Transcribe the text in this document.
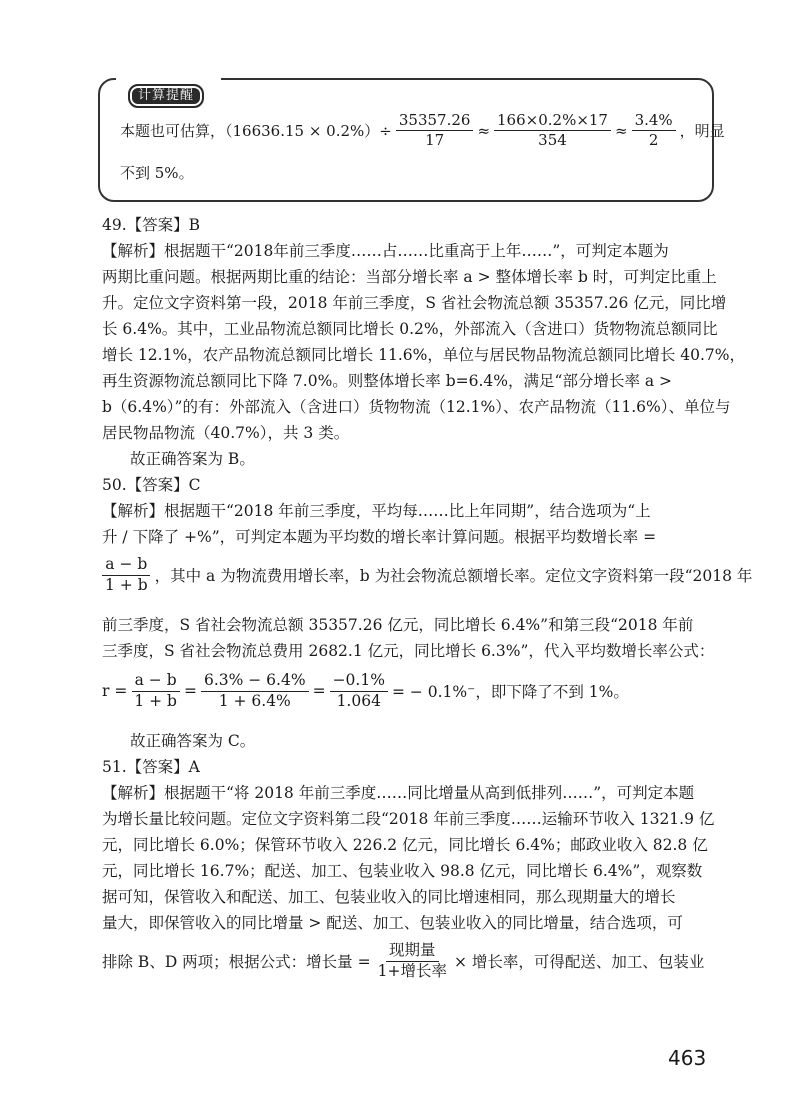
计算提醒
本题也可估算，$(16636.15 \times 0.2\%)\div \frac{35357.26}{17} \approx \frac{166\times 0.2\%\times 17}{354} \approx \frac{3.4\%}{2}$ ，明显
不到 5%。
49.【答案】B
【解析】根据题干“2018年前三季度……占……比重高于上年……”，可判定本题为
两期比重问题。根据两期比重的结论：当部分增长率 a > 整体增长率 b 时，可判定比重上
升。定位文字资料第一段，2018 年前三季度，S 省社会物流总额 35357.26 亿元，同比增
长 6.4%。其中，工业品物流总额同比增长 0.2%，外部流入（含进口）货物物流总额同比
增长 12.1%，农产品物流总额同比增长 11.6%，单位与居民物品物流总额同比增长 40.7%，
再生资源物流总额同比下降 7.0%。则整体增长率 b=6.4%，满足“部分增长率 a >
b（6.4%）”的有：外部流入（含进口）货物物流（12.1%）、农产品物流（11.6%）、单位与
居民物品物流（40.7%），共 3 类。
故正确答案为 B。
50.【答案】C
【解析】根据题干“2018 年前三季度，平均每……比上年同期”，结合选项为“上
升 / 下降了 +%”，可判定本题为平均数的增长率计算问题。根据平均数增长率 =
$\frac{a - b}{1 + b}$ ，其中 a 为物流费用增长率，b 为社会物流总额增长率。定位文字资料第一段“2018 年
前三季度，S 省社会物流总额 35357.26 亿元，同比增长 6.4%”和第三段“2018 年前
三季度，S 省社会物流总费用 2682.1 亿元，同比增长 6.3%”，代入平均数增长率公式：
$r = \frac{a - b}{1 + b} = \frac{6.3\% - 6.4\%}{1 + 6.4\%} = \frac{-0.1\%}{1.064}$ = − 0.1%⁻，即下降了不到 1%。
故正确答案为 C。
51.【答案】A
【解析】根据题干“将 2018 年前三季度……同比增量从高到低排列……”，可判定本题
为增长量比较问题。定位文字资料第二段“2018 年前三季度……运输环节收入 1321.9 亿
元，同比增长 6.0%；保管环节收入 226.2 亿元，同比增长 6.4%；邮政业收入 82.8 亿
元，同比增长 16.7%；配送、加工、包装业收入 98.8 亿元，同比增长 6.4%”，观察数
据可知，保管收入和配送、加工、包装业收入的同比增速相同，那么现期量大的增长
量大，即保管收入的同比增量 > 配送、加工、包装业收入的同比增量，结合选项，可
排除 B、D 两项；根据公式：增长量 = $\frac{\text{现期量}}{\text{1+增长率}}$ × 增长率，可得配送、加工、包装业
463
